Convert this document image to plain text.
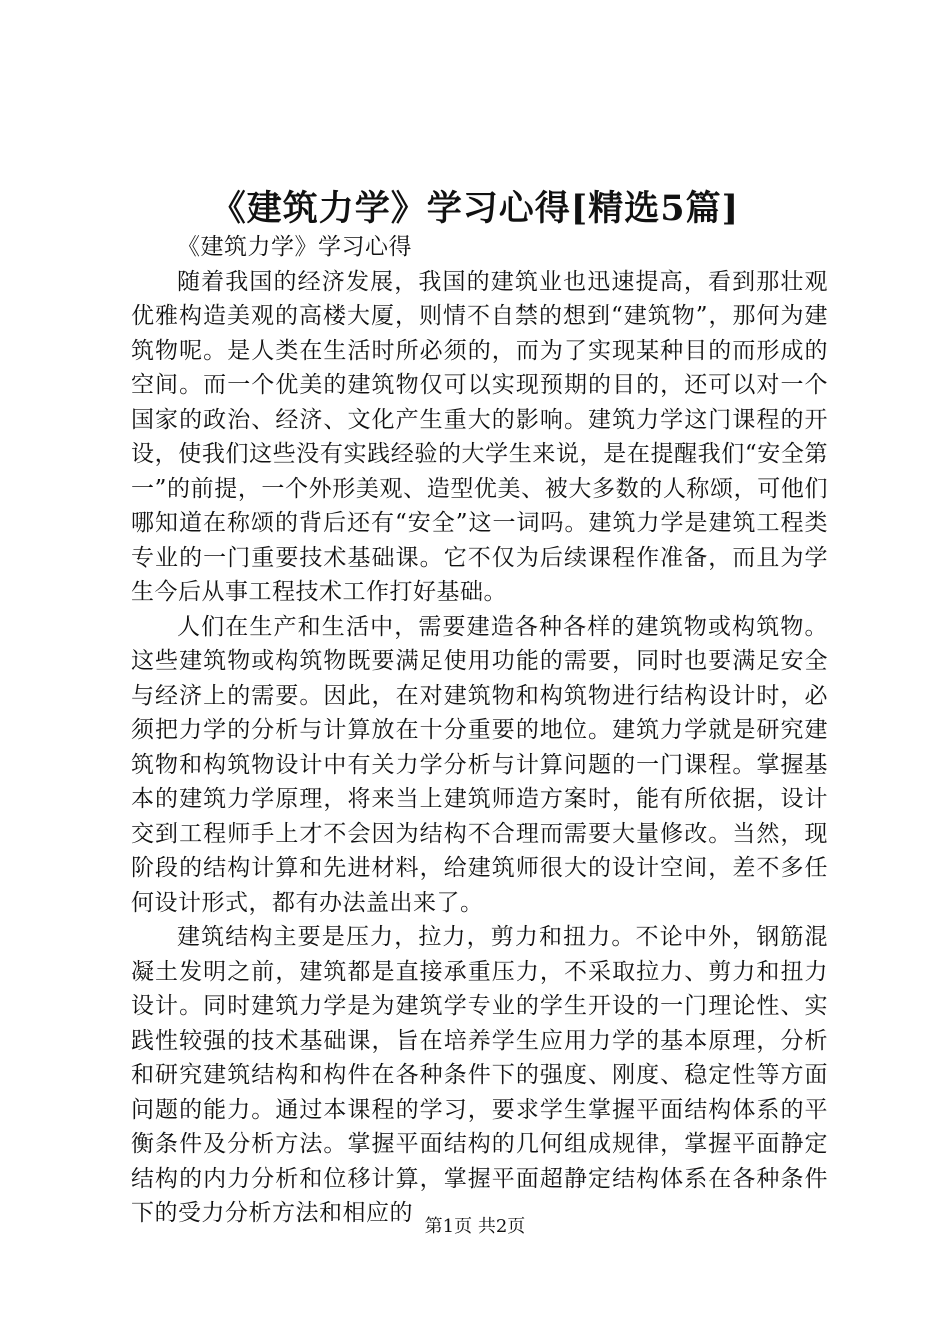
《建筑力学》学习心得[精选5篇]

《建筑力学》学习心得

随着我国的经济发展，我国的建筑业也迅速提高，看到那壮观优雅构造美观的高楼大厦，则情不自禁的想到“建筑物”，那何为建筑物呢。是人类在生活时所必须的，而为了实现某种目的而形成的空间。而一个优美的建筑物仅可以实现预期的目的，还可以对一个国家的政治、经济、文化产生重大的影响。建筑力学这门课程的开设，使我们这些没有实践经验的大学生来说，是在提醒我们“安全第一”的前提，一个外形美观、造型优美、被大多数的人称颂，可他们哪知道在称颂的背后还有“安全”这一词吗。建筑力学是建筑工程类专业的一门重要技术基础课。它不仅为后续课程作准备，而且为学生今后从事工程技术工作打好基础。

人们在生产和生活中，需要建造各种各样的建筑物或构筑物。这些建筑物或构筑物既要满足使用功能的需要，同时也要满足安全与经济上的需要。因此，在对建筑物和构筑物进行结构设计时，必须把力学的分析与计算放在十分重要的地位。建筑力学就是研究建筑物和构筑物设计中有关力学分析与计算问题的一门课程。掌握基本的建筑力学原理，将来当上建筑师造方案时，能有所依据，设计交到工程师手上才不会因为结构不合理而需要大量修改。当然，现阶段的结构计算和先进材料，给建筑师很大的设计空间，差不多任何设计形式，都有办法盖出来了。

建筑结构主要是压力，拉力，剪力和扭力。不论中外，钢筋混凝土发明之前，建筑都是直接承重压力，不采取拉力、剪力和扭力设计。同时建筑力学是为建筑学专业的学生开设的一门理论性、实践性较强的技术基础课，旨在培养学生应用力学的基本原理，分析和研究建筑结构和构件在各种条件下的强度、刚度、稳定性等方面问题的能力。通过本课程的学习，要求学生掌握平面结构体系的平衡条件及分析方法。掌握平面结构的几何组成规律，掌握平面静定结构的内力分析和位移计算，掌握平面超静定结构体系在各种条件下的受力分析方法和相应的

第1页 共2页
